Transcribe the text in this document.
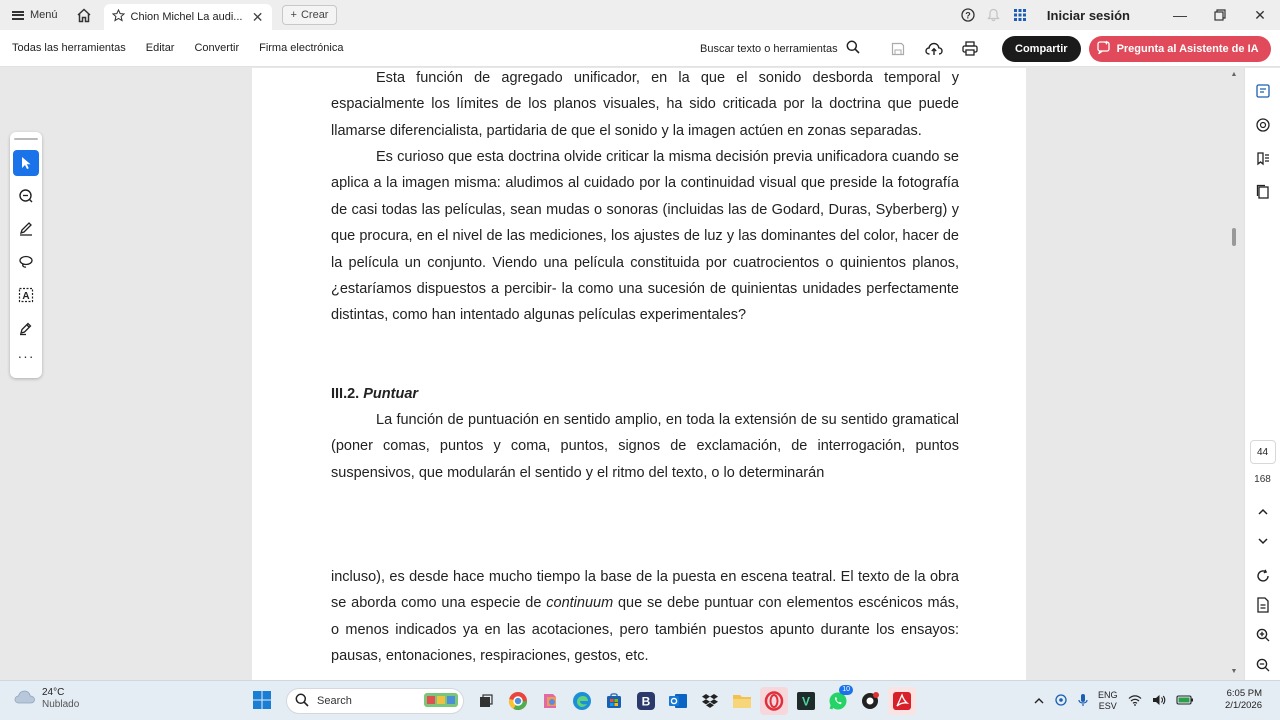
Menú	Chion Michel La audi... ✕ + Crear	?	Iniciar sesión	—	✕
Todas las herramientas	Editar	Convertir	Firma electrónica	Buscar texto o herramientas	Compartir	Pregunta al Asistente de IA

Esta función de agregado unificador, en la que el sonido desborda temporal y espacialmente los límites de los planos visuales, ha sido criticada por la doctrina que puede llamarse diferencialista, partidaria de que el sonido y la imagen actúen en zonas separadas.

Es curioso que esta doctrina olvide criticar la misma decisión previa unificadora cuando se aplica a la imagen misma: aludimos al cuidado por la continuidad visual que preside la fotografía de casi todas las películas, sean mudas o sonoras (incluidas las de Godard, Duras, Syberberg) y que procura, en el nivel de las mediciones, los ajustes de luz y las dominantes del color, hacer de la película un conjunto. Viendo una película constituida por cuatrocientos o quinientos planos, ¿estaríamos dispuestos a percibir- la como una sucesión de quinientas unidades perfectamente distintas, como han intentado algunas películas experimentales?

III.2. Puntuar

La función de puntuación en sentido amplio, en toda la extensión de su sentido gramatical (poner comas, puntos y coma, puntos, signos de exclamación, de interrogación, puntos suspensivos, que modularán el sentido y el ritmo del texto, o lo determinarán

incluso), es desde hace mucho tiempo la base de la puesta en escena teatral. El texto de la obra se aborda como una especie de continuum que se debe puntuar con elementos escénicos más, o menos indicados ya en las acotaciones, pero también puestos apunto durante los ensayos: pausas, entonaciones, respiraciones, gestos, etc.

A
···
▲
▼
44
168
24°C
Nublado	Search	B	V
10
ENG
ESV
6:05 PM
2/1/2026
